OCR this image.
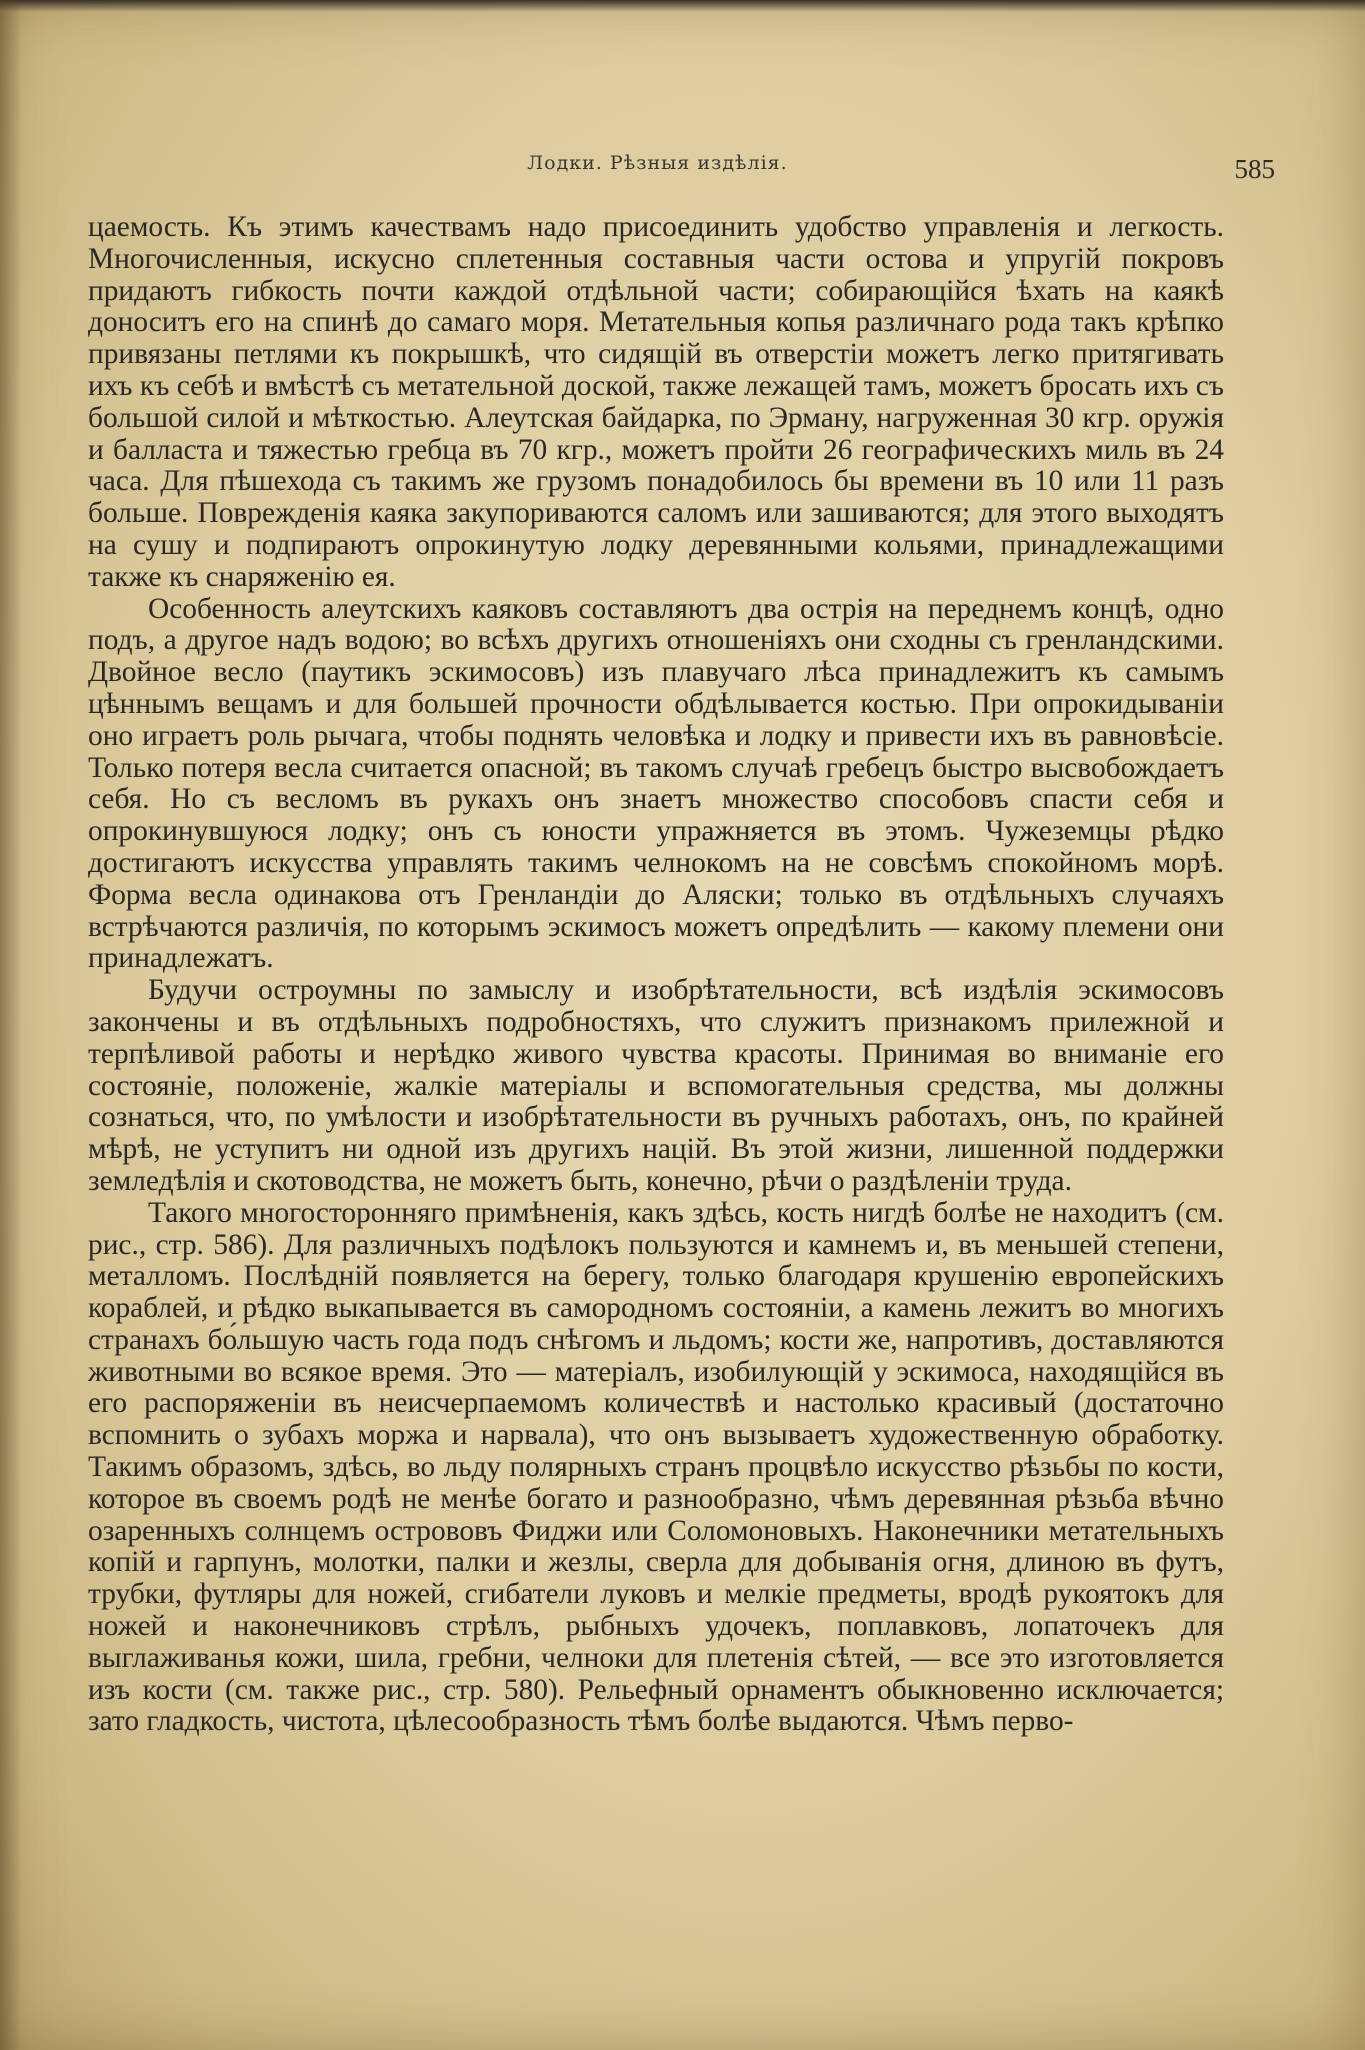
Лодки. Рѣзныя издѣлія.	585

цаемость. Къ этимъ качествамъ надо присоединить удобство управленія и легкость. Многочисленныя, искусно сплетенныя составныя части остова и упругій покровъ придаютъ гибкость почти каждой отдѣльной части; собирающійся ѣхать на каякѣ доноситъ его на спинѣ до самаго моря. Метательныя копья различнаго рода такъ крѣпко привязаны петлями къ покрышкѣ, что сидящій въ отверстіи можетъ легко притягивать ихъ къ себѣ и вмѣстѣ съ метательной доской, также лежащей тамъ, можетъ бросать ихъ съ большой силой и мѣткостью. Алеутская байдарка, по Эрману, нагруженная 30 кгр. оружія и балласта и тяжестью гребца въ 70 кгр., можетъ пройти 26 географическихъ миль въ 24 часа. Для пѣшехода съ такимъ же грузомъ понадобилось бы времени въ 10 или 11 разъ больше. Поврежденія каяка закупориваются саломъ или зашиваются; для этого выходятъ на сушу и подпираютъ опрокинутую лодку деревянными кольями, принадлежащими также къ снаряженію ея.

Особенность алеутскихъ каяковъ составляютъ два острія на переднемъ концѣ, одно подъ, а другое надъ водою; во всѣхъ другихъ отношеніяхъ они сходны съ гренландскими. Двойное весло (паутикъ эскимосовъ) изъ плавучаго лѣса принадлежитъ къ самымъ цѣннымъ вещамъ и для большей прочности обдѣлывается костью. При опрокидываніи оно играетъ роль рычага, чтобы поднять человѣка и лодку и привести ихъ въ равновѣсіе. Только потеря весла считается опасной; въ такомъ случаѣ гребецъ быстро высвобождаетъ себя. Но съ весломъ въ рукахъ онъ знаетъ множество способовъ спасти себя и опрокинувшуюся лодку; онъ съ юности упражняется въ этомъ. Чужеземцы рѣдко достигаютъ искусства управлять такимъ челнокомъ на не совсѣмъ спокойномъ морѣ. Форма весла одинакова отъ Гренландіи до Аляски; только въ отдѣльныхъ случаяхъ встрѣчаются различія, по которымъ эскимосъ можетъ опредѣлить — какому племени они принадлежатъ.

Будучи остроумны по замыслу и изобрѣтательности, всѣ издѣлія эскимосовъ закончены и въ отдѣльныхъ подробностяхъ, что служитъ признакомъ прилежной и терпѣливой работы и нерѣдко живого чувства красоты. Принимая во вниманіе его состояніе, положеніе, жалкіе матеріалы и вспомогательныя средства, мы должны сознаться, что, по умѣлости и изобрѣтательности въ ручныхъ работахъ, онъ, по крайней мѣрѣ, не уступитъ ни одной изъ другихъ націй. Въ этой жизни, лишенной поддержки земледѣлія и скотоводства, не можетъ быть, конечно, рѣчи о раздѣленіи труда.

Такого многосторонняго примѣненія, какъ здѣсь, кость нигдѣ болѣе не находитъ (см. рис., стр. 586). Для различныхъ подѣлокъ пользуются и камнемъ и, въ меньшей степени, металломъ. Послѣдній появляется на берегу, только благодаря крушенію европейскихъ кораблей, и рѣдко выкапывается въ самородномъ состояніи, а камень лежитъ во многихъ странахъ бо́льшую часть года подъ снѣгомъ и льдомъ; кости же, напротивъ, доставляются животными во всякое время. Это — матеріалъ, изобилующій у эскимоса, находящійся въ его распоряженіи въ неисчерпаемомъ количествѣ и настолько красивый (достаточно вспомнить о зубахъ моржа и нарвала), что онъ вызываетъ художественную обработку. Такимъ образомъ, здѣсь, во льду полярныхъ странъ процвѣло искусство рѣзьбы по кости, которое въ своемъ родѣ не менѣе богато и разнообразно, чѣмъ деревянная рѣзьба вѣчно озаренныхъ солнцемъ острововъ Фиджи или Соломоновыхъ. Наконечники метательныхъ копій и гарпунъ, молотки, палки и жезлы, сверла для добыванія огня, длиною въ футъ, трубки, футляры для ножей, сгибатели луковъ и мелкіе предметы, вродѣ рукоятокъ для ножей и наконечниковъ стрѣлъ, рыбныхъ удочекъ, поплавковъ, лопаточекъ для выглаживанья кожи, шила, гребни, челноки для плетенія сѣтей, — все это изготовляется изъ кости (см. также рис., стр. 580). Рельефный орнаментъ обыкновенно исключается; зато гладкость, чистота, цѣлесообразность тѣмъ болѣе выдаются. Чѣмъ перво-
